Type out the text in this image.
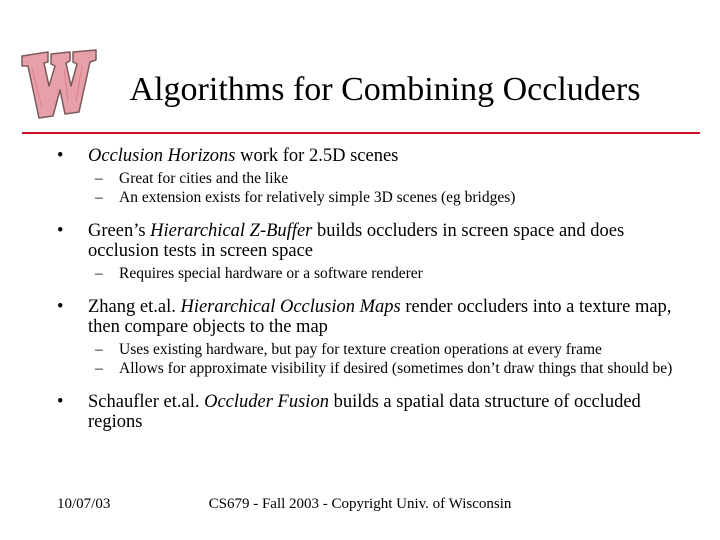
Algorithms for Combining Occluders
• Occlusion Horizons work for 2.5D scenes
– Great for cities and the like
– An extension exists for relatively simple 3D scenes (eg bridges)
• Green’s Hierarchical Z-Buffer builds occluders in screen space and does occlusion tests in screen space
– Requires special hardware or a software renderer
• Zhang et.al. Hierarchical Occlusion Maps render occluders into a texture map, then compare objects to the map
– Uses existing hardware, but pay for texture creation operations at every frame
– Allows for approximate visibility if desired (sometimes don’t draw things that should be)
• Schaufler et.al. Occluder Fusion builds a spatial data structure of occluded regions
10/07/03	CS679 - Fall 2003 - Copyright Univ. of Wisconsin
